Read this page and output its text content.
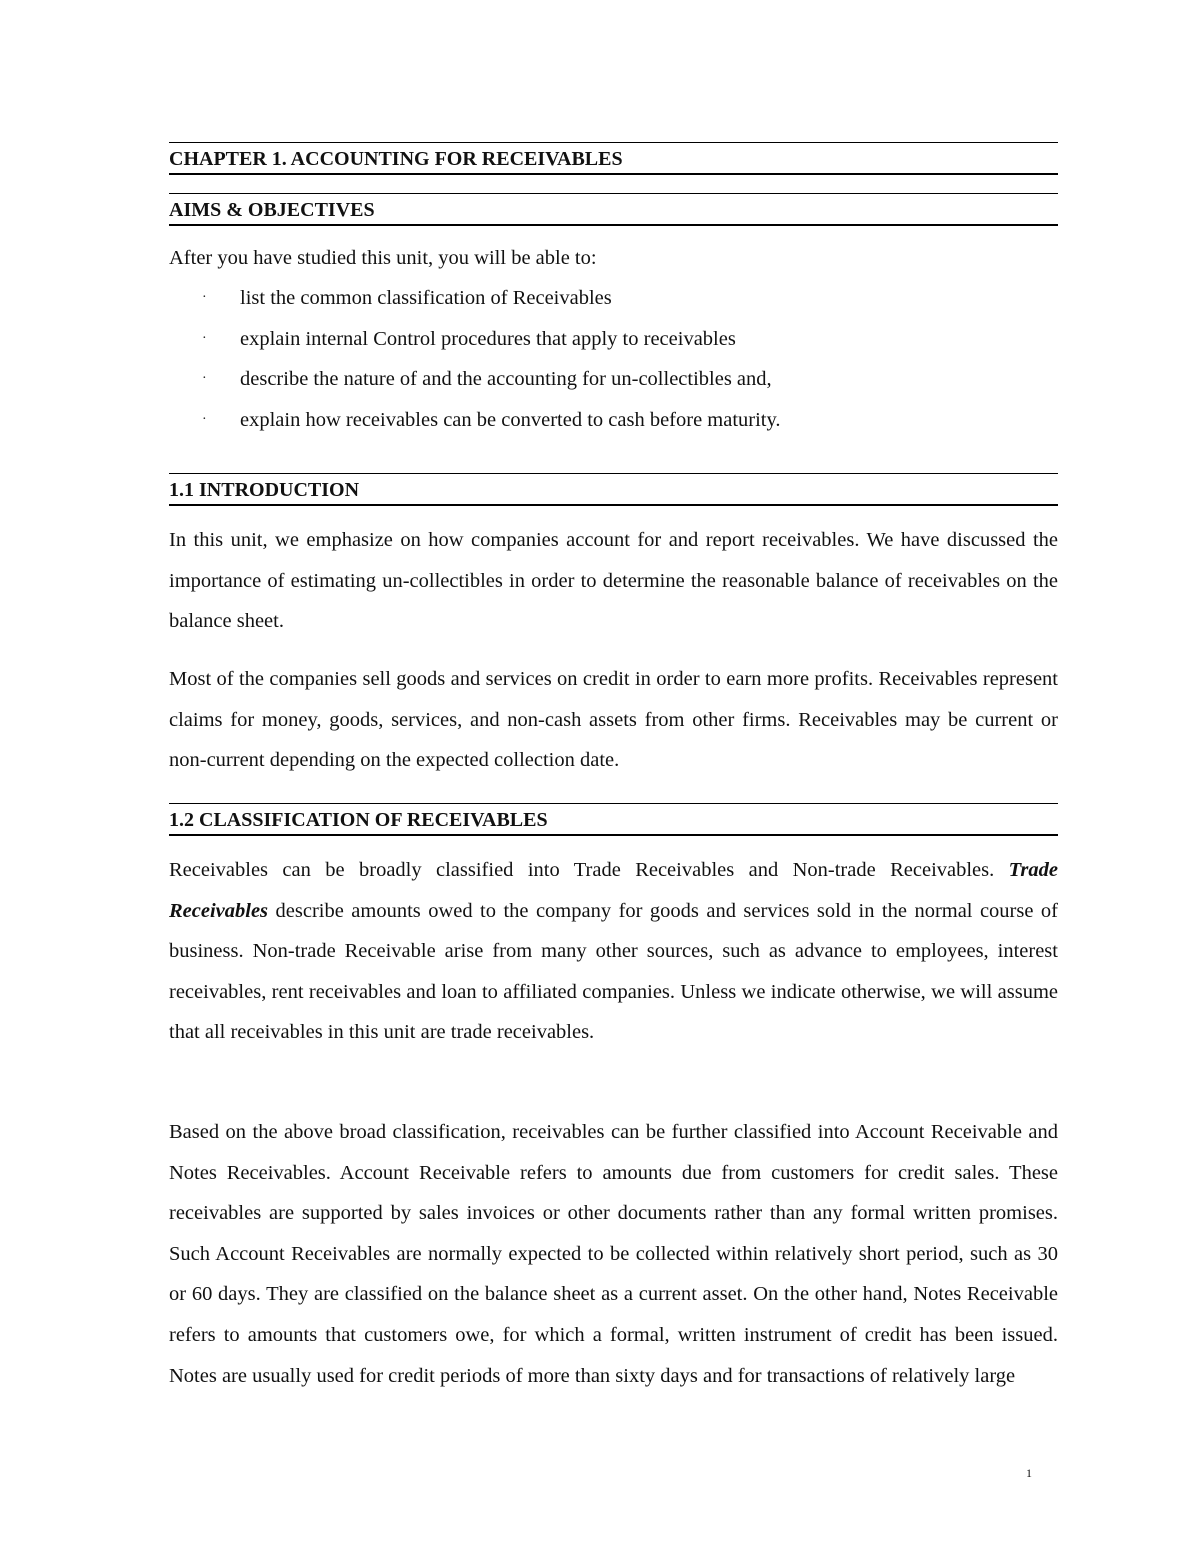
CHAPTER 1. ACCOUNTING FOR RECEIVABLES
AIMS & OBJECTIVES
After you have studied this unit, you will be able to:
· list the common classification of Receivables
· explain internal Control procedures that apply to receivables
· describe the nature of and the accounting for un-collectibles and,
· explain how receivables can be converted to cash before maturity.
1.1 INTRODUCTION

In this unit, we emphasize on how companies account for and report receivables. We have discussed the importance of estimating un-collectibles in order to determine the reasonable balance of receivables on the balance sheet.

Most of the companies sell goods and services on credit in order to earn more profits. Receivables represent claims for money, goods, services, and non-cash assets from other firms. Receivables may be current or non-current depending on the expected collection date.

1.2 CLASSIFICATION OF RECEIVABLES

Receivables can be broadly classified into Trade Receivables and Non-trade Receivables. Trade Receivables describe amounts owed to the company for goods and services sold in the normal course of business. Non-trade Receivable arise from many other sources, such as advance to employees, interest receivables, rent receivables and loan to affiliated companies. Unless we indicate otherwise, we will assume that all receivables in this unit are trade receivables.

Based on the above broad classification, receivables can be further classified into Account Receivable and Notes Receivables. Account Receivable refers to amounts due from customers for credit sales. These receivables are supported by sales invoices or other documents rather than any formal written promises. Such Account Receivables are normally expected to be collected within relatively short period, such as 30 or 60 days. They are classified on the balance sheet as a current asset. On the other hand, Notes Receivable refers to amounts that customers owe, for which a formal, written instrument of credit has been issued. Notes are usually used for credit periods of more than sixty days and for transactions of relatively large

1
